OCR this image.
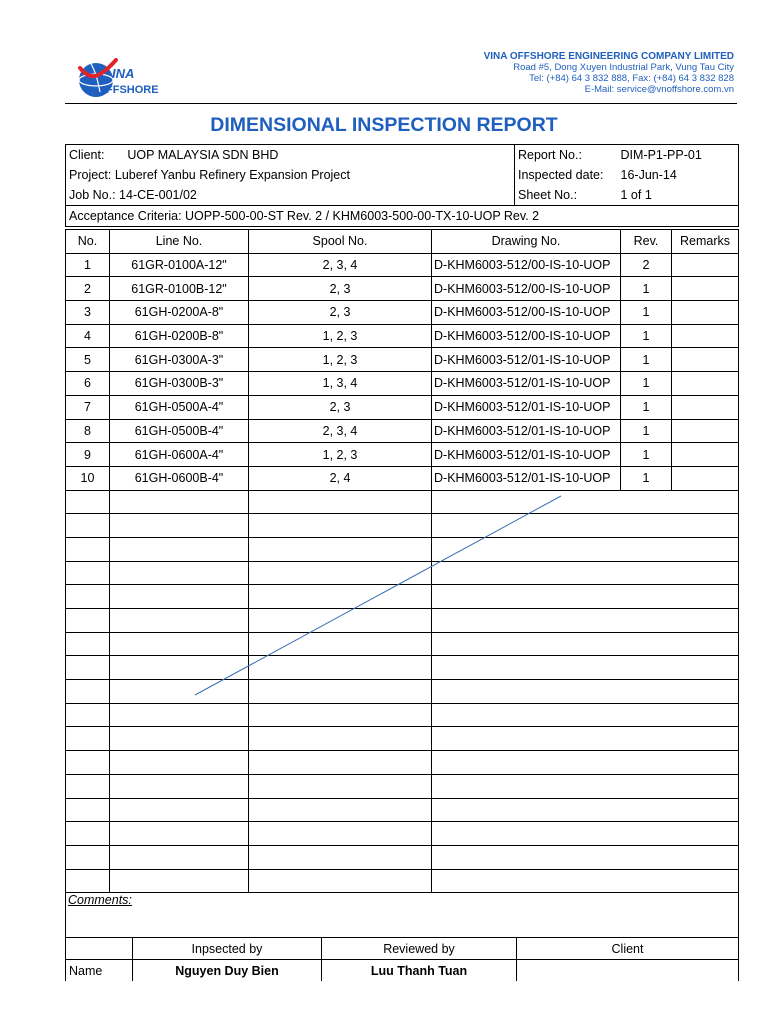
INA
FFSHORE
VINA OFFSHORE ENGINEERING COMPANY LIMITED
Road #5, Dong Xuyen Industrial Park, Vung Tau City
Tel: (+84) 64 3 832 888, Fax: (+84) 64 3 832 828
E-Mail: service@vnoffshore.com.vn
DIMENSIONAL INSPECTION REPORT
Client: UOP MALAYSIA SDN BHD	Report No.:	DIM-P1-PP-01
Project: Luberef Yanbu Refinery Expansion Project	Inspected date:	16-Jun-14
Job No.: 14-CE-001/02	Sheet No.:	1 of 1
Acceptance Criteria: UOPP-500-00-ST Rev. 2 / KHM6003-500-00-TX-10-UOP Rev. 2		
No.	Line No.	Spool No.	Drawing No.	Rev.	Remarks
1	61GR-0100A-12"	2, 3, 4	D-KHM6003-512/00-IS-10-UOP	2	
2	61GR-0100B-12"	2, 3	D-KHM6003-512/00-IS-10-UOP	1	
3	61GH-0200A-8"	2, 3	D-KHM6003-512/00-IS-10-UOP	1	
4	61GH-0200B-8"	1, 2, 3	D-KHM6003-512/00-IS-10-UOP	1	
5	61GH-0300A-3"	1, 2, 3	D-KHM6003-512/01-IS-10-UOP	1	
6	61GH-0300B-3"	1, 3, 4	D-KHM6003-512/01-IS-10-UOP	1	
7	61GH-0500A-4"	2, 3	D-KHM6003-512/01-IS-10-UOP	1	
8	61GH-0500B-4"	2, 3, 4	D-KHM6003-512/01-IS-10-UOP	1	
9	61GH-0600A-4"	1, 2, 3	D-KHM6003-512/01-IS-10-UOP	1	
10	61GH-0600B-4"	2, 4	D-KHM6003-512/01-IS-10-UOP	1	

Comments:
	Inpsected by	Reviewed by	Client
Name	Nguyen Duy Bien	Luu Thanh Tuan	
